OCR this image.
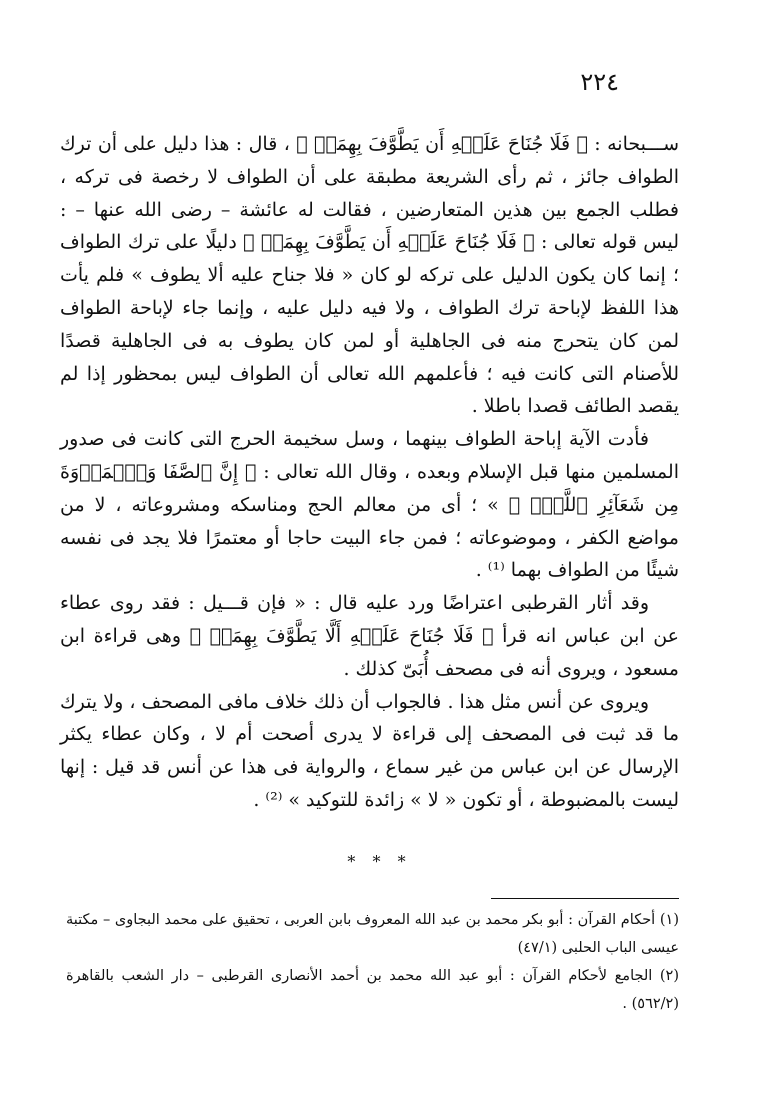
٢٢٤

ســـبحانه : ﴿ فَلَا جُنَاحَ عَلَيۡهِ أَن يَطَّوَّفَ بِهِمَاۚ ﴾ ، قال : هذا دليل على أن ترك الطواف جائز ، ثم رأى الشريعة مطبقة على أن الطواف لا رخصة فى تركه ، فطلب الجمع بين هذين المتعارضين ، فقالت له عائشة – رضى الله عنها – : ليس قوله تعالى : ﴿ فَلَا جُنَاحَ عَلَيۡهِ أَن يَطَّوَّفَ بِهِمَاۚ ﴾ دليلًا على ترك الطواف ؛ إنما كان يكون الدليل على تركه لو كان « فلا جناح عليه ألا يطوف » فلم يأت هذا اللفظ لإباحة ترك الطواف ، ولا فيه دليل عليه ، وإنما جاء لإباحة الطواف لمن كان يتحرج منه فى الجاهلية أو لمن كان يطوف به فى الجاهلية قصدًا للأصنام التى كانت فيه ؛ فأعلمهم الله تعالى أن الطواف ليس بمحظور إذا لم يقصد الطائف قصدا باطلا .

فأدت الآية إباحة الطواف بينهما ، وسل سخيمة الحرج التى كانت فى صدور المسلمين منها قبل الإسلام وبعده ، وقال الله تعالى : ﴿ إِنَّ ٱلصَّفَا وَٱلۡمَرۡوَةَ مِن شَعَآئِرِ ٱللَّهِۖ ﴾ » ؛ أى من معالم الحج ومناسكه ومشروعاته ، لا من مواضع الكفر ، وموضوعاته ؛ فمن جاء البيت حاجا أو معتمرًا فلا يجد فى نفسه شيئًا من الطواف بهما ⁽¹⁾ .

وقد أثار القرطبى اعتراضًا ورد عليه قال : « فإن قـــيل : فقد روى عطاء عن ابن عباس انه قرأ ﴿ فَلَا جُنَاحَ عَلَيۡهِ أَلَّا يَطَّوَّفَ بِهِمَاۚ ﴾ وهى قراءة ابن مسعود ، ويروى أنه فى مصحف أُبَىّ كذلك .

ويروى عن أنس مثل هذا . فالجواب أن ذلك خلاف مافى المصحف ، ولا يترك ما قد ثبت فى المصحف إلى قراءة لا يدرى أصحت أم لا ، وكان عطاء يكثر الإرسال عن ابن عباس من غير سماع ، والرواية فى هذا عن أنس قد قيل : إنها ليست بالمضبوطة ، أو تكون « لا » زائدة للتوكيد » ⁽²⁾ .

* * *

(١) أحكام القرآن : أبو بكر محمد بن عبد الله المعروف بابن العربى ، تحقيق على محمد البجاوى – مكتبة عيسى الباب الحلبى (٤٧/١)

(٢) الجامع لأحكام القرآن : أبو عبد الله محمد بن أحمد الأنصارى القرطبى – دار الشعب بالقاهرة (٥٦٢/٢) .
